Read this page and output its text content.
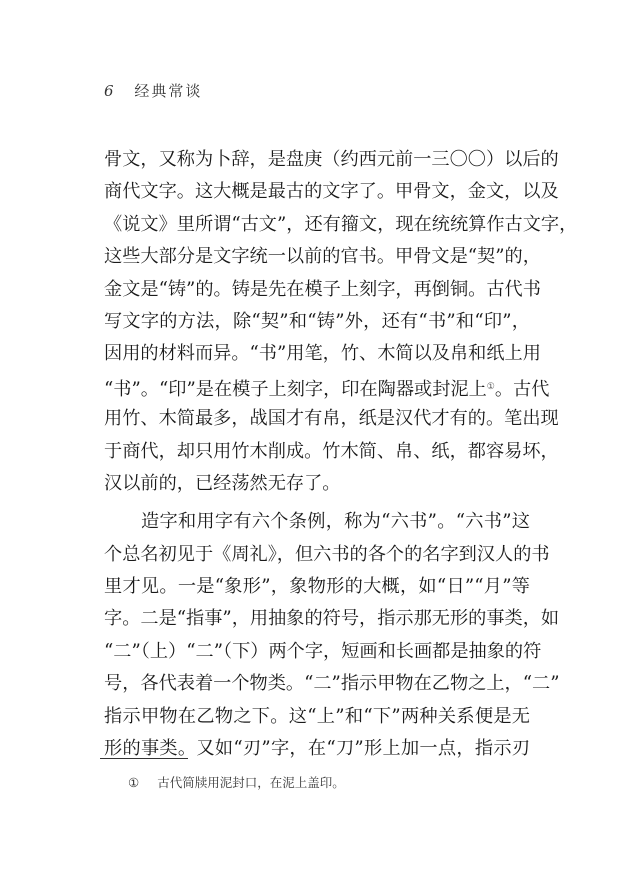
6 经典常谈
骨文，又称为卜辞，是盘庚（约西元前一三〇〇）以后的
商代文字。这大概是最古的文字了。甲骨文，金文，以及
《说文》里所谓“古文”，还有籀文，现在统统算作古文字，
这些大部分是文字统一以前的官书。甲骨文是“契”的，
金文是“铸”的。铸是先在模子上刻字，再倒铜。古代书
写文字的方法，除“契”和“铸”外，还有“书”和“印”，
因用的材料而异。“书”用笔，竹、木简以及帛和纸上用
“书”。“印”是在模子上刻字，印在陶器或封泥上①。古代
用竹、木简最多，战国才有帛，纸是汉代才有的。笔出现
于商代，却只用竹木削成。竹木简、帛、纸，都容易坏，
汉以前的，已经荡然无存了。
造字和用字有六个条例，称为“六书”。“六书”这
个总名初见于《周礼》，但六书的各个的名字到汉人的书
里才见。一是“象形”，象物形的大概，如“日”“月”等
字。二是“指事”，用抽象的符号，指示那无形的事类，如
“二”（上）“二”（下）两个字，短画和长画都是抽象的符
号，各代表着一个物类。“二”指示甲物在乙物之上，“二”
指示甲物在乙物之下。这“上”和“下”两种关系便是无
形的事类。又如“刃”字，在“刀”形上加一点，指示刃
① 古代简牍用泥封口，在泥上盖印。
